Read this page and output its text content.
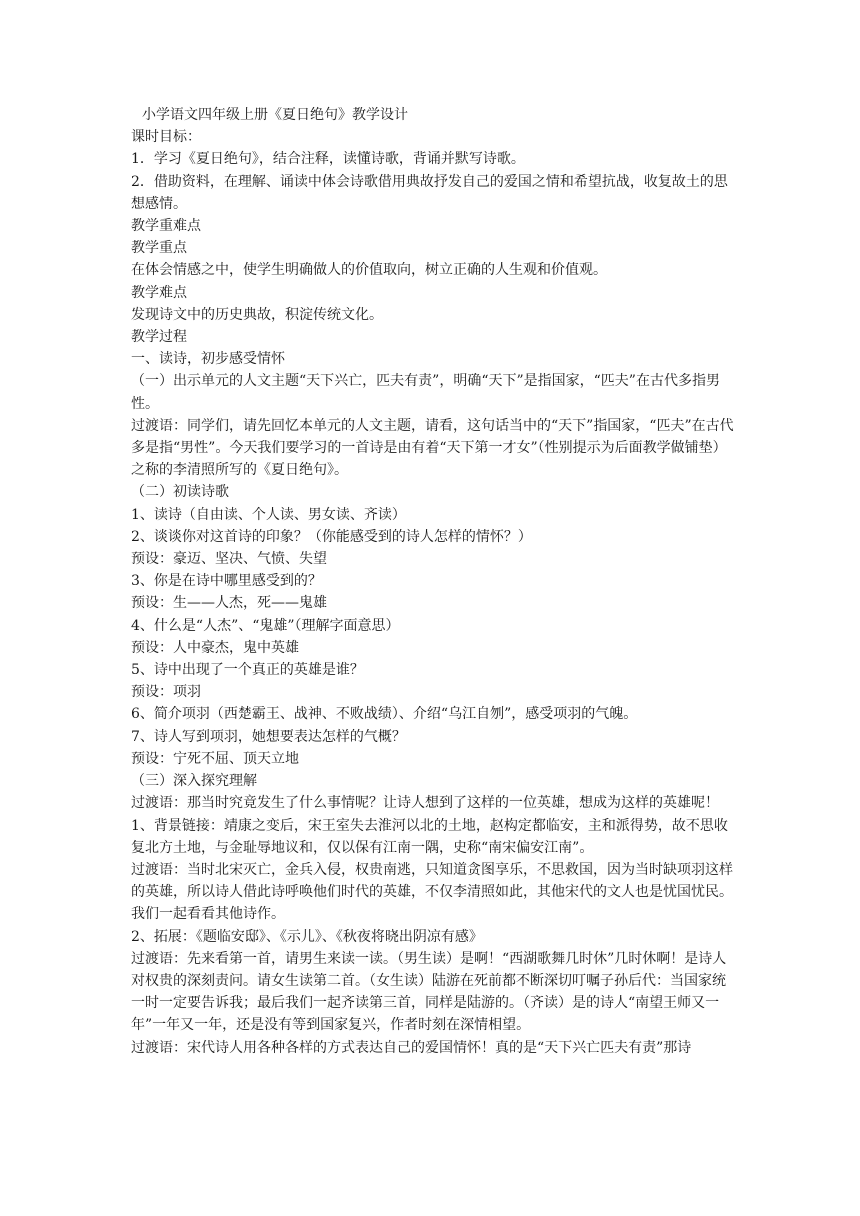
小学语文四年级上册《夏日绝句》教学设计

课时目标：

1．学习《夏日绝句》，结合注释，读懂诗歌，背诵并默写诗歌。

2．借助资料，在理解、诵读中体会诗歌借用典故抒发自己的爱国之情和希望抗战，收复故土的思想感情。

教学重难点

教学重点

在体会情感之中，使学生明确做人的价值取向，树立正确的人生观和价值观。

教学难点

发现诗文中的历史典故，积淀传统文化。

教学过程

一、读诗，初步感受情怀

（一）出示单元的人文主题“天下兴亡，匹夫有责”，明确“天下”是指国家，“匹夫”在古代多指男性。

过渡语：同学们，请先回忆本单元的人文主题，请看，这句话当中的“天下”指国家，“匹夫”在古代多是指“男性”。今天我们要学习的一首诗是由有着“天下第一才女”（性别提示为后面教学做铺垫）之称的李清照所写的《夏日绝句》。

（二）初读诗歌

1、读诗（自由读、个人读、男女读、齐读）

2、谈谈你对这首诗的印象？（你能感受到的诗人怎样的情怀？）

预设：豪迈、坚决、气愤、失望

3、你是在诗中哪里感受到的？

预设：生——人杰，死——鬼雄

4、什么是“人杰”、“鬼雄”（理解字面意思）

预设：人中豪杰，鬼中英雄

5、诗中出现了一个真正的英雄是谁？

预设：项羽

6、简介项羽（西楚霸王、战神、不败战绩）、介绍“乌江自刎”，感受项羽的气魄。

7、诗人写到项羽，她想要表达怎样的气概？

预设：宁死不屈、顶天立地

（三）深入探究理解

过渡语：那当时究竟发生了什么事情呢？让诗人想到了这样的一位英雄，想成为这样的英雄呢！

1、背景链接：靖康之变后，宋王室失去淮河以北的土地，赵构定都临安，主和派得势，故不思收复北方土地，与金耻辱地议和，仅以保有江南一隅，史称“南宋偏安江南”。

过渡语：当时北宋灭亡，金兵入侵，权贵南逃，只知道贪图享乐，不思救国，因为当时缺项羽这样的英雄，所以诗人借此诗呼唤他们时代的英雄，不仅李清照如此，其他宋代的文人也是忧国忧民。我们一起看看其他诗作。

2、拓展：《题临安邸》、《示儿》、《秋夜将晓出阴凉有感》

过渡语：先来看第一首，请男生来读一读。（男生读）是啊！“西湖歌舞几时休”几时休啊！是诗人对权贵的深刻责问。请女生读第二首。（女生读）陆游在死前都不断深切叮嘱子孙后代：当国家统一时一定要告诉我；最后我们一起齐读第三首，同样是陆游的。（齐读）是的诗人“南望王师又一年”一年又一年，还是没有等到国家复兴，作者时刻在深情相望。

过渡语：宋代诗人用各种各样的方式表达自己的爱国情怀！真的是“天下兴亡匹夫有责”那诗
